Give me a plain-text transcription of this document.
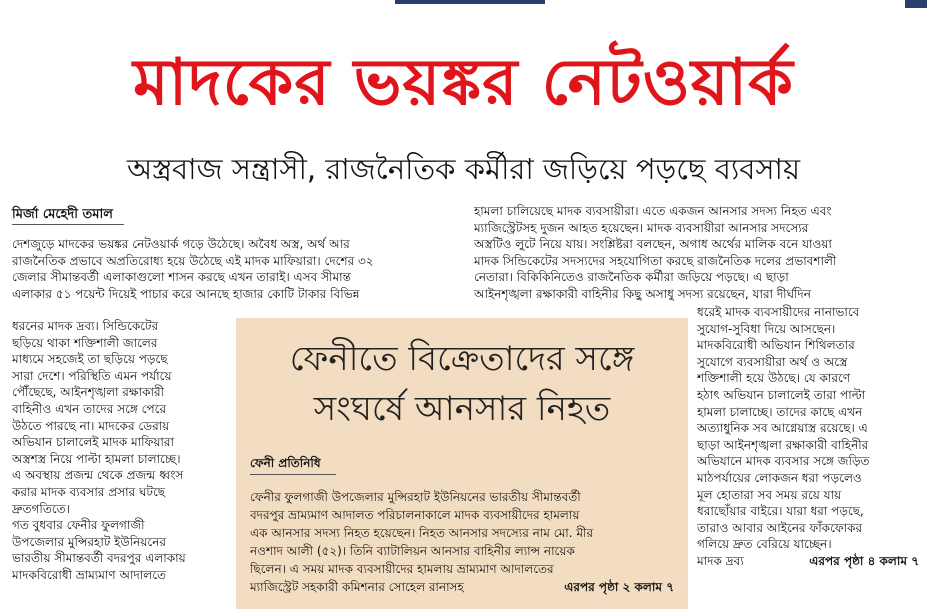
মাদকের ভয়ঙ্কর নেটওয়ার্ক
অস্ত্রবাজ সন্ত্রাসী, রাজনৈতিক কর্মীরা জড়িয়ে পড়ছে ব্যবসায়
মির্জা মেহেদী তমাল
দেশজুড়ে মাদকের ভয়ঙ্কর নেটওয়ার্ক গড়ে উঠেছে। অবৈধ অস্ত্র, অর্থ আর
রাজনৈতিক প্রভাবে অপ্রতিরোধ্য হয়ে উঠেছে এই মাদক মাফিয়ারা। দেশের ৩২
জেলার সীমান্তবর্তী এলাকাগুলো শাসন করছে এখন তারাই। এসব সীমান্ত
এলাকার ৫১ পয়েন্ট দিয়েই পাচার করে আনছে হাজার কোটি টাকার বিভিন্ন
ধরনের মাদক দ্রব্য। সিন্ডিকেটের
ছড়িয়ে থাকা শক্তিশালী জালের
মাধ্যমে সহজেই তা ছড়িয়ে পড়ছে
সারা দেশে। পরিস্থিতি এমন পর্যায়ে
পৌঁছেছে, আইনশৃঙ্খলা রক্ষাকারী
বাহিনীও এখন তাদের সঙ্গে পেরে
উঠতে পারছে না। মাদকের ডেরায়
অভিযান চালালেই মাদক মাফিয়ারা
অস্ত্রশস্ত্র নিয়ে পাল্টা হামলা চালাচ্ছে।
এ অবস্থায় প্রজন্ম থেকে প্রজন্ম ধ্বংস
করার মাদক ব্যবসার প্রসার ঘটছে
দ্রুতগতিতে।
গত বুধবার ফেনীর ফুলগাজী
উপজেলার মুন্সিরহাট ইউনিয়নের
ভারতীয় সীমান্তবর্তী বদরপুর এলাকায়
মাদকবিরোধী ভ্রাম্যমাণ আদালতে
হামলা চালিয়েছে মাদক ব্যবসায়ীরা। এতে একজন আনসার সদস্য নিহত এবং
ম্যাজিস্ট্রেটসহ দুজন আহত হয়েছেন। মাদক ব্যবসায়ীরা আনসার সদস্যের
অস্ত্রটিও লুটে নিয়ে যায়। সংশ্লিষ্টরা বলছেন, অগাধ অর্থের মালিক বনে যাওয়া
মাদক সিন্ডিকেটের সদস্যদের সহযোগিতা করছে রাজনৈতিক দলের প্রভাবশালী
নেতারা। বিকিকিনিতেও রাজনৈতিক কর্মীরা জড়িয়ে পড়ছে। এ ছাড়া
আইনশৃঙ্খলা রক্ষাকারী বাহিনীর কিছু অসাধু সদস্য রয়েছেন, যারা দীর্ঘদিন
ধরেই মাদক ব্যবসায়ীদের নানাভাবে
সুযোগ-সুবিধা দিয়ে আসছেন।
মাদকবিরোধী অভিযান শিথিলতার
সুযোগে ব্যবসায়ীরা অর্থ ও অস্ত্রে
শক্তিশালী হয়ে উঠছে। যে কারণে
হঠাৎ অভিযান চালালেই তারা পাল্টা
হামলা চালাচ্ছে। তাদের কাছে এখন
অত্যাধুনিক সব আগ্নেয়াস্ত্র রয়েছে। এ
ছাড়া আইনশৃঙ্খলা রক্ষাকারী বাহিনীর
অভিযানে মাদক ব্যবসার সঙ্গে জড়িত
মাঠপর্যায়ের লোকজন ধরা পড়লেও
মূল হোতারা সব সময় রয়ে যায়
ধরাছোঁয়ার বাইরে। যারা ধরা পড়ছে,
তারাও আবার আইনের ফাঁকফোকর
গলিয়ে দ্রুত বেরিয়ে যাচ্ছেন।
মাদক দ্রব্য	এরপর পৃষ্ঠা ৪ কলাম ৭
ফেনীতে বিক্রেতাদের সঙ্গে
সংঘর্ষে আনসার নিহত
ফেনী প্রতিনিধি
ফেনীর ফুলগাজী উপজেলার মুন্সিরহাট ইউনিয়নের ভারতীয় সীমান্তবর্তী
বদরপুর ভ্রাম্যমাণ আদালত পরিচালনাকালে মাদক ব্যবসায়ীদের হামলায়
এক আনসার সদস্য নিহত হয়েছেন। নিহত আনসার সদস্যের নাম মো. মীর
নওশাদ আলী (৫২)। তিনি ব্যাটালিয়ন আনসার বাহিনীর ল্যান্স নায়েক
ছিলেন। এ সময় মাদক ব্যবসায়ীদের হামলায় ভ্রাম্যমাণ আদালতের
ম্যাজিস্ট্রেট সহকারী কমিশনার সোহেল রানাসহ	এরপর পৃষ্ঠা ২ কলাম ৭
